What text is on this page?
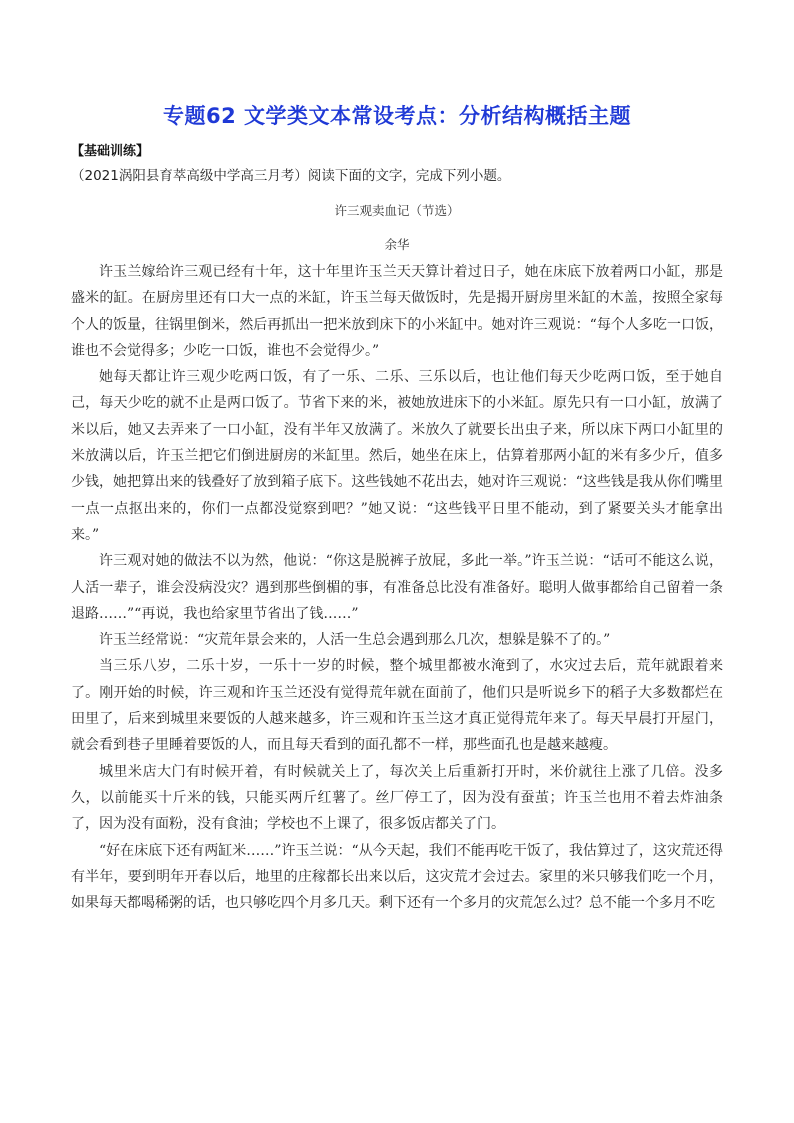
专题62 文学类文本常设考点：分析结构概括主题
【基础训练】
（2021涡阳县育萃高级中学高三月考）阅读下面的文字，完成下列小题。
许三观卖血记（节选）
余华

许玉兰嫁给许三观已经有十年，这十年里许玉兰天天算计着过日子，她在床底下放着两口小缸，那是盛米的缸。在厨房里还有口大一点的米缸，许玉兰每天做饭时，先是揭开厨房里米缸的木盖，按照全家每个人的饭量，往锅里倒米，然后再抓出一把米放到床下的小米缸中。她对许三观说：“每个人多吃一口饭，谁也不会觉得多；少吃一口饭，谁也不会觉得少。”

她每天都让许三观少吃两口饭，有了一乐、二乐、三乐以后，也让他们每天少吃两口饭，至于她自己，每天少吃的就不止是两口饭了。节省下来的米，被她放进床下的小米缸。原先只有一口小缸，放满了米以后，她又去弄来了一口小缸，没有半年又放满了。米放久了就要长出虫子来，所以床下两口小缸里的米放满以后，许玉兰把它们倒进厨房的米缸里。然后，她坐在床上，估算着那两小缸的米有多少斤，值多少钱，她把算出来的钱叠好了放到箱子底下。这些钱她不花出去，她对许三观说：“这些钱是我从你们嘴里一点一点抠出来的，你们一点都没觉察到吧？”她又说：“这些钱平日里不能动，到了紧要关头才能拿出来。”

许三观对她的做法不以为然，他说：“你这是脱裤子放屁，多此一举。”许玉兰说：“话可不能这么说，人活一辈子，谁会没病没灾？遇到那些倒楣的事，有准备总比没有准备好。聪明人做事都给自己留着一条退路……”“再说，我也给家里节省出了钱……”

许玉兰经常说：“灾荒年景会来的，人活一生总会遇到那么几次，想躲是躲不了的。”

当三乐八岁，二乐十岁，一乐十一岁的时候，整个城里都被水淹到了，水灾过去后，荒年就跟着来了。刚开始的时候，许三观和许玉兰还没有觉得荒年就在面前了，他们只是听说乡下的稻子大多数都烂在田里了，后来到城里来要饭的人越来越多，许三观和许玉兰这才真正觉得荒年来了。每天早晨打开屋门，就会看到巷子里睡着要饭的人，而且每天看到的面孔都不一样，那些面孔也是越来越瘦。

城里米店大门有时候开着，有时候就关上了，每次关上后重新打开时，米价就往上涨了几倍。没多久，以前能买十斤米的钱，只能买两斤红薯了。丝厂停工了，因为没有蚕茧；许玉兰也用不着去炸油条了，因为没有面粉，没有食油；学校也不上课了，很多饭店都关了门。

“好在床底下还有两缸米……”许玉兰说：“从今天起，我们不能再吃干饭了，我估算过了，这灾荒还得有半年，要到明年开春以后，地里的庄稼都长出来以后，这灾荒才会过去。家里的米只够我们吃一个月，如果每天都喝稀粥的话，也只够吃四个月多几天。剩下还有一个多月的灾荒怎么过？总不能一个多月不吃
